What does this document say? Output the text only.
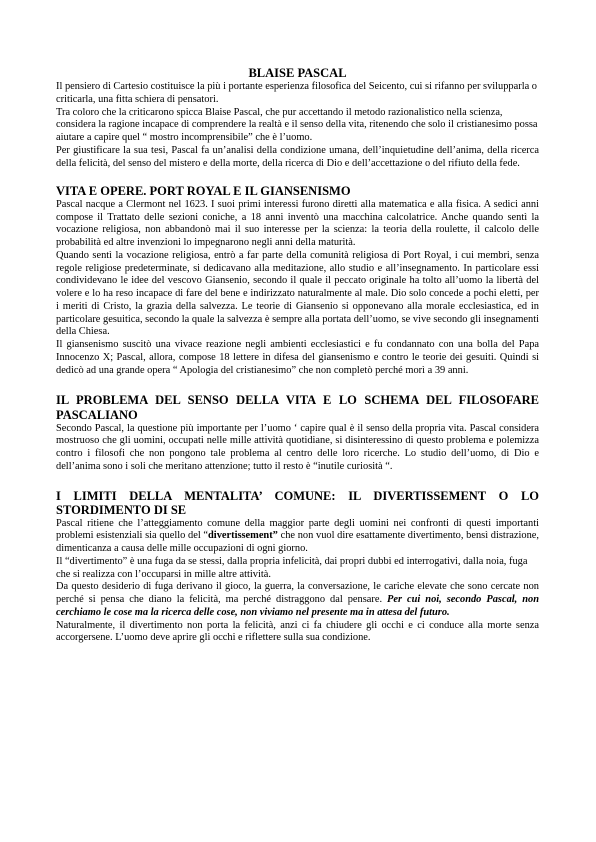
BLAISE PASCAL

Il pensiero di Cartesio costituisce la più i portante esperienza filosofica del Seicento, cui si rifanno per svilupparla o criticarla, una fitta schiera di pensatori.

Tra coloro che la criticarono spicca Blaise Pascal, che pur accettando il metodo razionalistico nella scienza, considera la ragione incapace di comprendere la realtà e il senso della vita, ritenendo che solo il cristianesimo possa aiutare a capire quel “ mostro incomprensibile” che è l’uomo.

Per giustificare la sua tesi, Pascal fa un’analisi della condizione umana, dell’inquietudine dell’anima, della ricerca della felicità, del senso del mistero e della morte, della ricerca di Dio e dell’accettazione o del rifiuto della fede.

VITA E OPERE. PORT ROYAL E IL GIANSENISMO

Pascal nacque a Clermont nel 1623. I suoi primi interessi furono diretti alla matematica e alla fisica. A sedici anni compose il Trattato delle sezioni coniche, a 18 anni inventò una macchina calcolatrice. Anche quando sentì la vocazione religiosa, non abbandonò mai il suo interesse per la scienza: la teoria della roulette, il calcolo delle probabilità ed altre invenzioni lo impegnarono negli anni della maturità.

Quando sentì la vocazione religiosa, entrò a far parte della comunità religiosa di Port Royal, i cui membri, senza regole religiose predeterminate, si dedicavano alla meditazione, allo studio e all’insegnamento. In particolare essi condividevano le idee del vescovo Giansenio, secondo il quale il peccato originale ha tolto all’uomo la libertà del volere e lo ha reso incapace di fare del bene e indirizzato naturalmente al male. Dio solo concede a pochi eletti, per i meriti di Cristo, la grazia della salvezza. Le teorie di Giansenio si opponevano alla morale ecclesiastica, ed in particolare gesuitica, secondo la quale la salvezza è sempre alla portata dell’uomo, se vive secondo gli insegnamenti della Chiesa.

Il giansenismo suscitò una vivace reazione negli ambienti ecclesiastici e fu condannato con una bolla del Papa Innocenzo X; Pascal, allora, compose 18 lettere in difesa del giansenismo e contro le teorie dei gesuiti. Quindi si dedicò ad una grande opera “ Apologia del cristianesimo” che non completò perché morì a 39 anni.

IL PROBLEMA DEL SENSO DELLA VITA E LO SCHEMA DEL FILOSOFARE PASCALIANO

Secondo Pascal, la questione più importante per l’uomo ‘ capire qual è il senso della propria vita. Pascal considera mostruoso che gli uomini, occupati nelle mille attività quotidiane, si disinteressino di questo problema e polemizza contro i filosofi che non pongono tale problema al centro delle loro ricerche. Lo studio dell’uomo, di Dio e dell’anima sono i soli che meritano attenzione; tutto il resto è “inutile curiosità “.

I LIMITI DELLA MENTALITA’ COMUNE: IL DIVERTISSEMENT O LO STORDIMENTO DI SE

Pascal ritiene che l’atteggiamento comune della maggior parte degli uomini nei confronti di questi importanti problemi esistenziali sia quello del “divertissement” che non vuol dire esattamente divertimento, bensì distrazione, dimenticanza a causa delle mille occupazioni di ogni giorno.

Il “divertimento” è una fuga da se stessi, dalla propria infelicità, dai propri dubbi ed interrogativi, dalla noia, fuga che si realizza con l’occuparsi in mille altre attività.

Da questo desiderio di fuga derivano il gioco, la guerra, la conversazione, le cariche elevate che sono cercate non perché si pensa che diano la felicità, ma perché distraggono dal pensare. Per cui noi, secondo Pascal, non cerchiamo le cose ma la ricerca delle cose, non viviamo nel presente ma in attesa del futuro.

Naturalmente, il divertimento non porta la felicità, anzi ci fa chiudere gli occhi e ci conduce alla morte senza accorgersene. L’uomo deve aprire gli occhi e riflettere sulla sua condizione.
